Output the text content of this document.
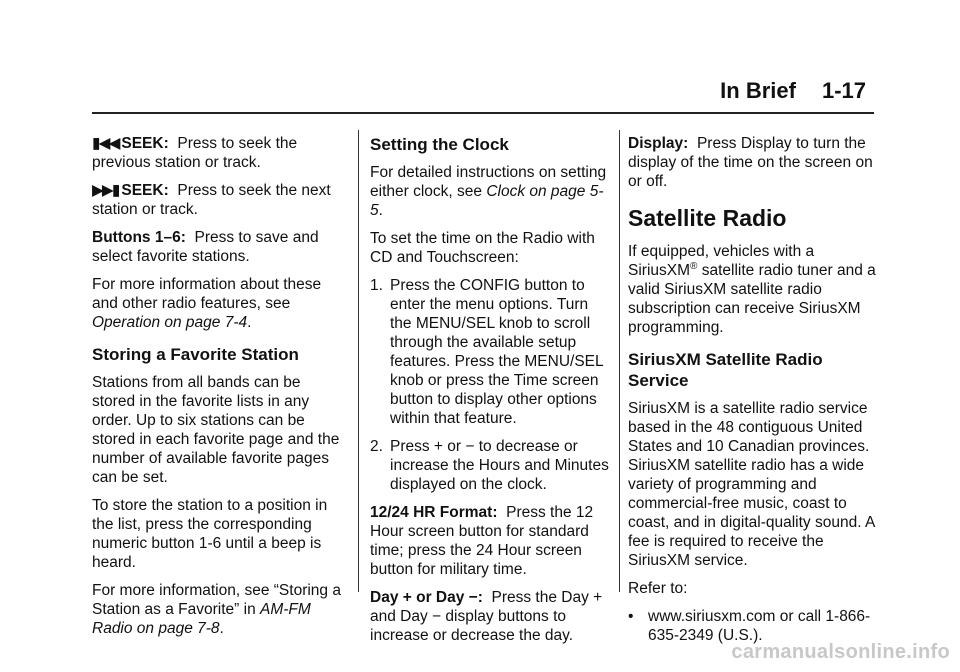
In Brief 1-17

▮◀◀ SEEK: Press to seek the previous station or track.

▶▶▮ SEEK: Press to seek the next station or track.

Buttons 1–6: Press to save and select favorite stations.

For more information about these and other radio features, see Operation on page 7-4.

Storing a Favorite Station

Stations from all bands can be stored in the favorite lists in any order. Up to six stations can be stored in each favorite page and the number of available favorite pages can be set.

To store the station to a position in the list, press the corresponding numeric button 1-6 until a beep is heard.

For more information, see “Storing a Station as a Favorite” in AM-FM Radio on page 7-8.

Setting the Clock

For detailed instructions on setting either clock, see Clock on page 5-5.

To set the time on the Radio with CD and Touchscreen:

1. Press the CONFIG button to enter the menu options. Turn the MENU/SEL knob to scroll through the available setup features. Press the MENU/SEL knob or press the Time screen button to display other options within that feature.
2. Press + or − to decrease or increase the Hours and Minutes displayed on the clock.

12/24 HR Format: Press the 12 Hour screen button for standard time; press the 24 Hour screen button for military time.

Day + or Day −: Press the Day + and Day − display buttons to increase or decrease the day.

Display: Press Display to turn the display of the time on the screen on or off.

Satellite Radio

If equipped, vehicles with a SiriusXM® satellite radio tuner and a valid SiriusXM satellite radio subscription can receive SiriusXM programming.

SiriusXM Satellite Radio Service

SiriusXM is a satellite radio service based in the 48 contiguous United States and 10 Canadian provinces. SiriusXM satellite radio has a wide variety of programming and commercial-free music, coast to coast, and in digital-quality sound. A fee is required to receive the SiriusXM service.

Refer to:

• www.siriusxm.com or call 1-866-635-2349 (U.S.).
carmanualsonline.info
